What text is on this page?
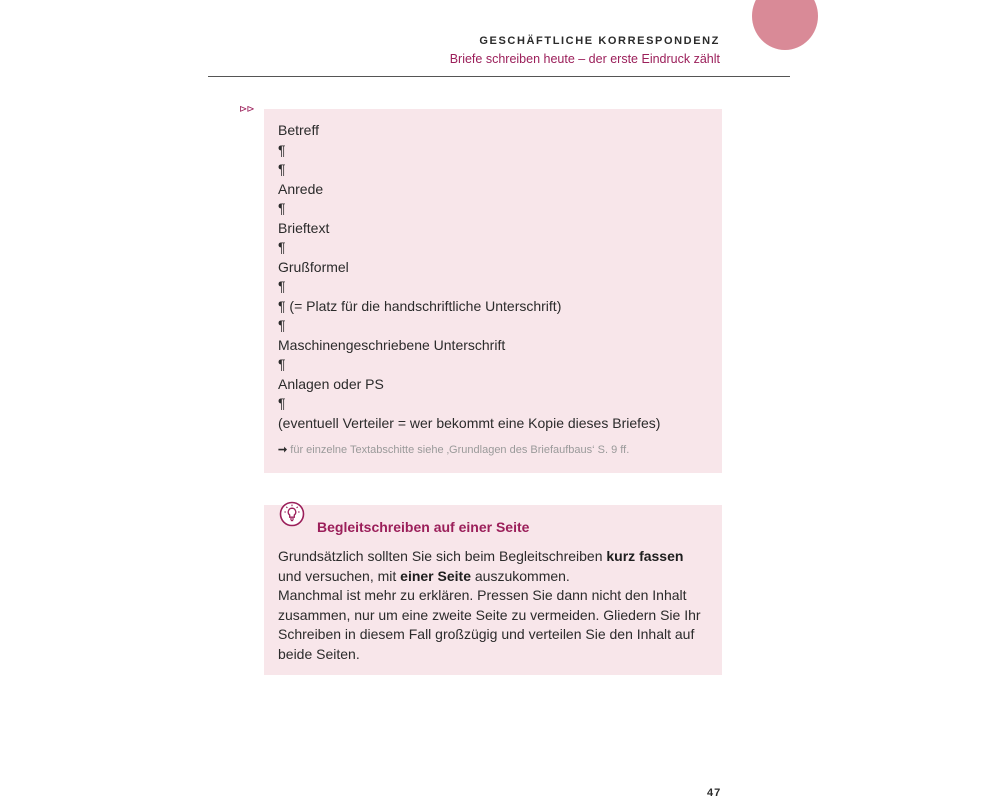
GESCHÄFTLICHE KORRESPONDENZ
Briefe schreiben heute – der erste Eindruck zählt
⊳⊳
Betreff
¶
¶
Anrede
¶
Brieftext
¶
Grußformel
¶
¶ (= Platz für die handschriftliche Unterschrift)
¶
Maschinengeschriebene Unterschrift
¶
Anlagen oder PS
¶
(eventuell Verteiler = wer bekommt eine Kopie dieses Briefes)
➞ für einzelne Textabschitte siehe ‚Grundlagen des Briefaufbaus‘ S. 9 ff.
Begleitschreiben auf einer Seite
Grundsätzlich sollten Sie sich beim Begleitschreiben kurz fassen und versuchen, mit einer Seite auszukommen.
Manchmal ist mehr zu erklären. Pressen Sie dann nicht den Inhalt zusammen, nur um eine zweite Seite zu vermeiden. Gliedern Sie Ihr Schreiben in diesem Fall großzügig und verteilen Sie den Inhalt auf beide Seiten.
47
